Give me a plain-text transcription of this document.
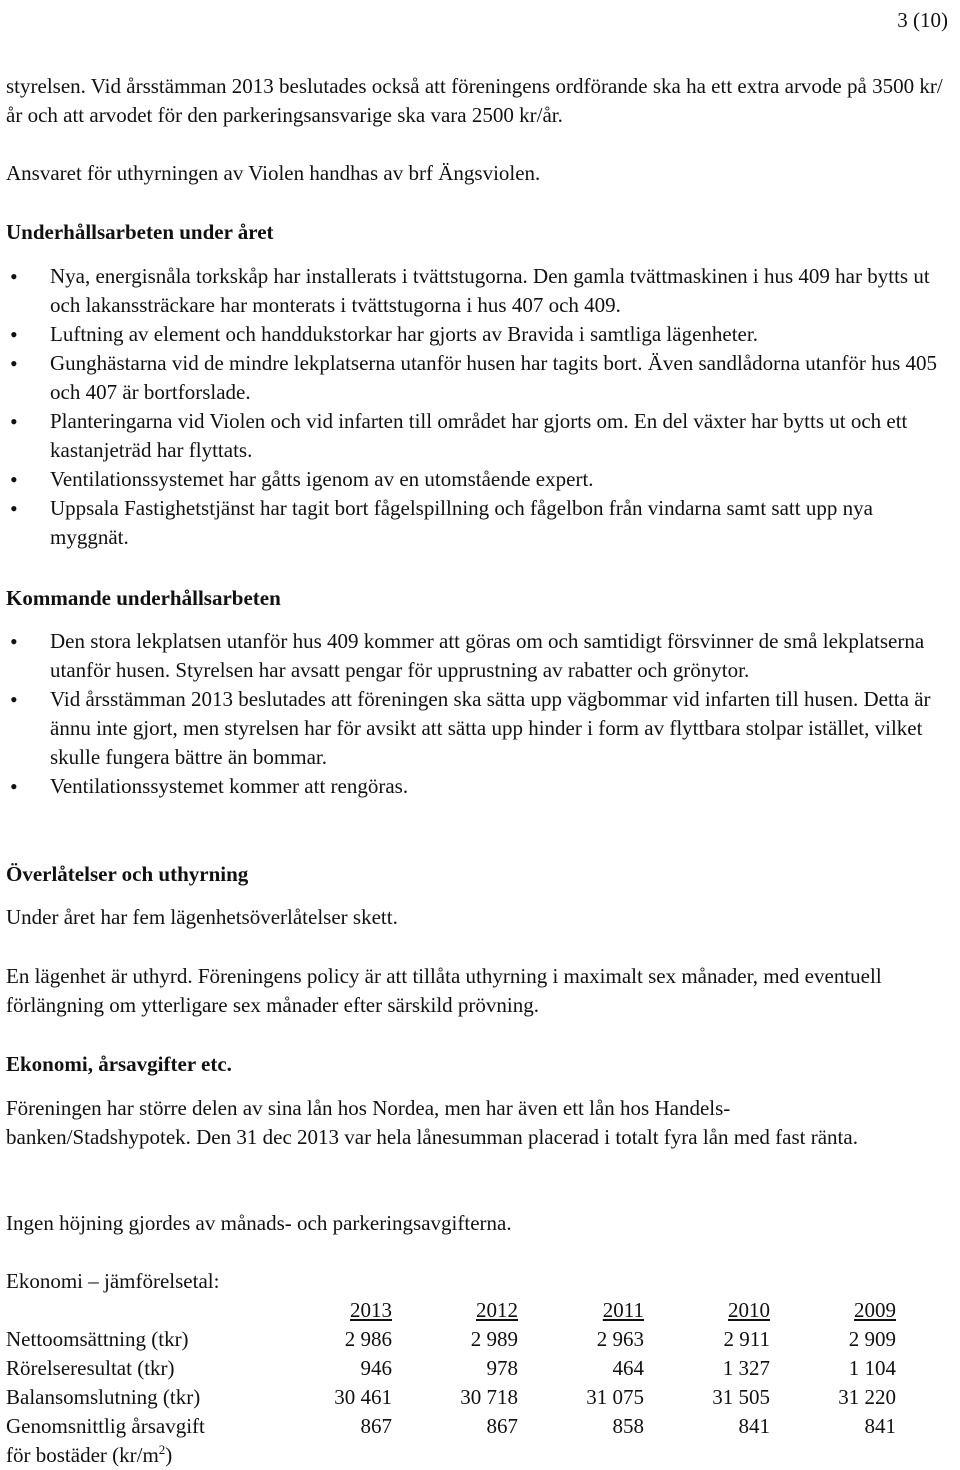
3 (10)

styrelsen. Vid årsstämman 2013 beslutades också att föreningens ordförande ska ha ett extra arvode på 3500 kr/år och att arvodet för den parkeringsansvarige ska vara 2500 kr/år.

Ansvaret för uthyrningen av Violen handhas av brf Ängsviolen.

Underhållsarbeten under året
• Nya, energisnåla torkskåp har installerats i tvättstugorna. Den gamla tvättmaskinen i hus 409 har bytts ut och lakanssträckare har monterats i tvättstugorna i hus 407 och 409.
• Luftning av element och handdukstorkar har gjorts av Bravida i samtliga lägenheter.
• Gunghästarna vid de mindre lekplatserna utanför husen har tagits bort. Även sandlådorna utanför hus 405 och 407 är bortforslade.
• Planteringarna vid Violen och vid infarten till området har gjorts om. En del växter har bytts ut och ett kastanjeträd har flyttats.
• Ventilationssystemet har gåtts igenom av en utomstående expert.
• Uppsala Fastighetstjänst har tagit bort fågelspillning och fågelbon från vindarna samt satt upp nya myggnät.
Kommande underhållsarbeten
• Den stora lekplatsen utanför hus 409 kommer att göras om och samtidigt försvinner de små lekplatserna utanför husen. Styrelsen har avsatt pengar för upprustning av rabatter och grönytor.
• Vid årsstämman 2013 beslutades att föreningen ska sätta upp vägbommar vid infarten till husen. Detta är ännu inte gjort, men styrelsen har för avsikt att sätta upp hinder i form av flyttbara stolpar istället, vilket skulle fungera bättre än bommar.
• Ventilationssystemet kommer att rengöras.
Överlåtelser och uthyrning

Under året har fem lägenhetsöverlåtelser skett.

En lägenhet är uthyrd. Föreningens policy är att tillåta uthyrning i maximalt sex månader, med eventuell förlängning om ytterligare sex månader efter särskild prövning.

Ekonomi, årsavgifter etc.

Föreningen har större delen av sina lån hos Nordea, men har även ett lån hos Handels-banken/Stadshypotek. Den 31 dec 2013 var hela lånesumman placerad i totalt fyra lån med fast ränta.

Ingen höjning gjordes av månads- och parkeringsavgifterna.

Ekonomi – jämförelsetal:

	2013	2012	2011	2010	2009
Nettoomsättning (tkr)	2 986	2 989	2 963	2 911	2 909
Rörelseresultat (tkr)	946	978	464	1 327	1 104
Balansomslutning (tkr)	30 461	30 718	31 075	31 505	31 220
Genomsnittlig årsavgift	867	867	858	841	841
för bostäder $(kr/m^2)$					
